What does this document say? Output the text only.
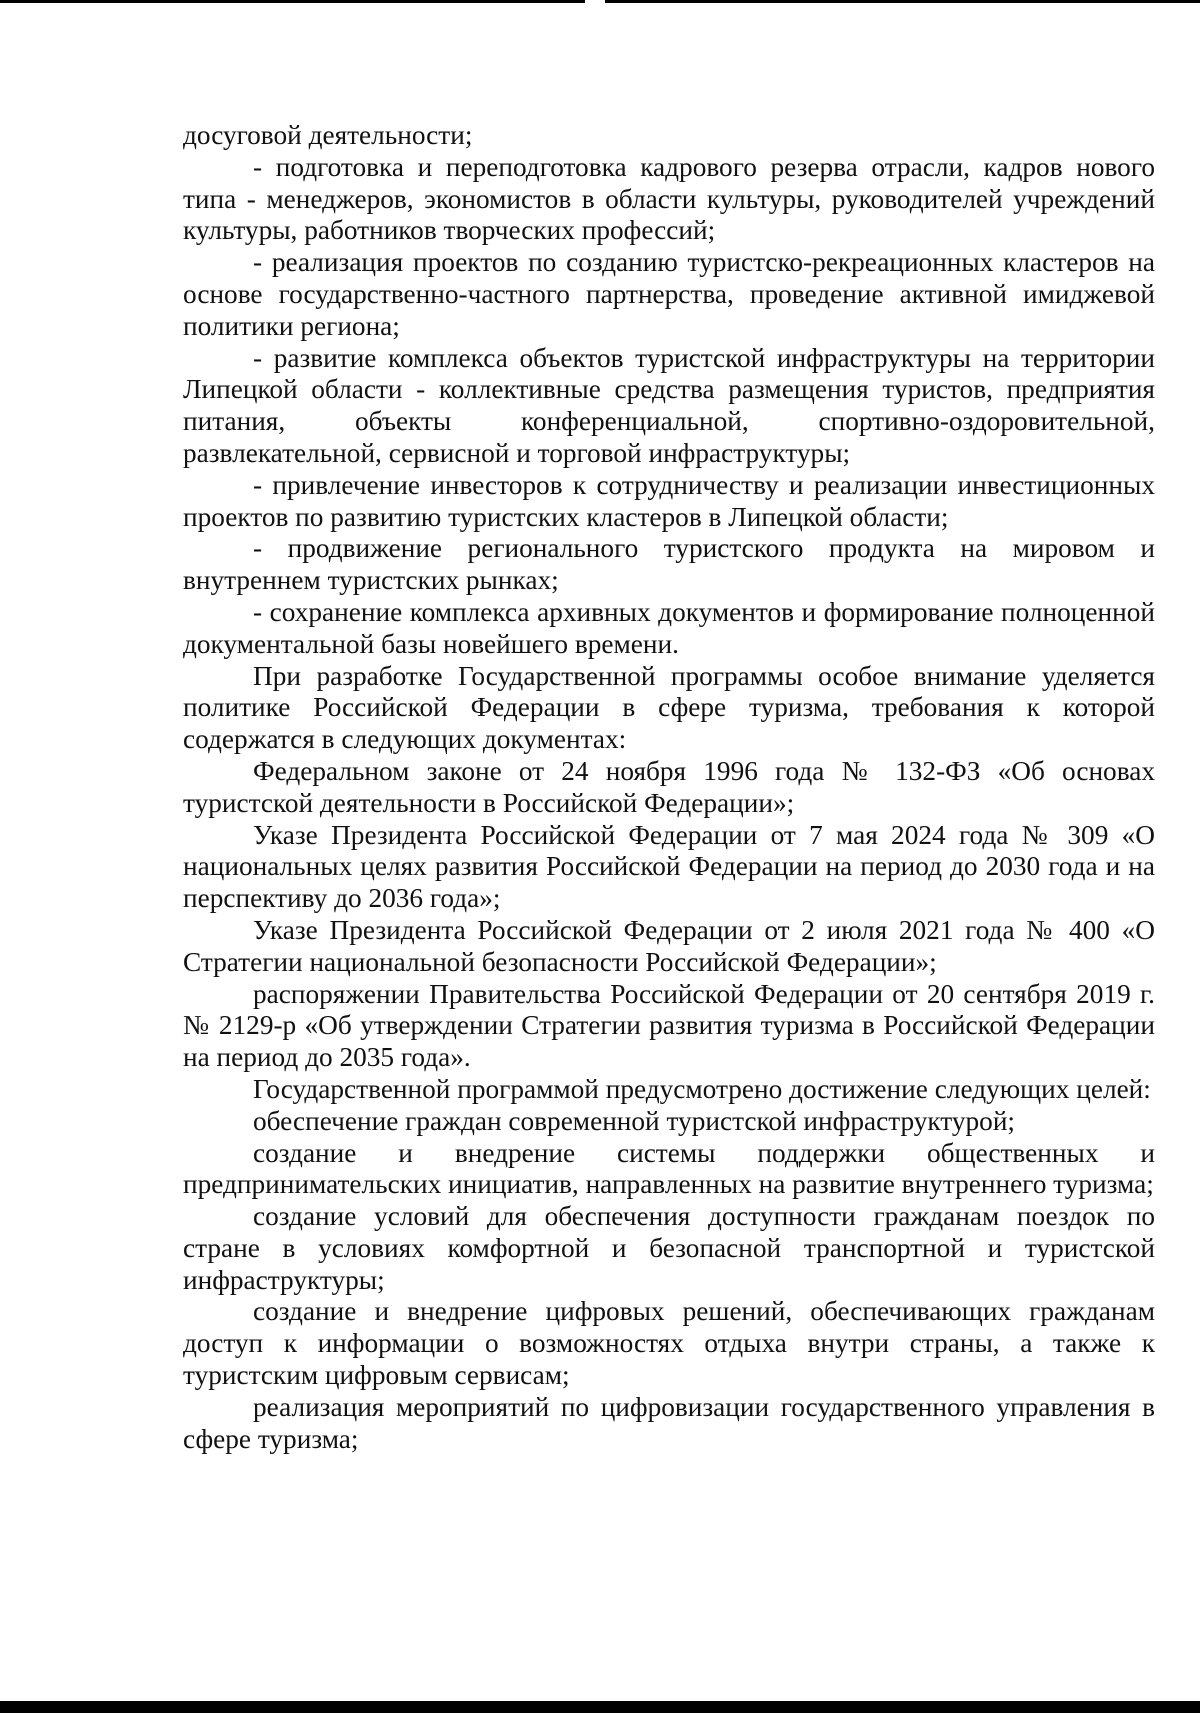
досуговой деятельности;

- подготовка и переподготовка кадрового резерва отрасли, кадров нового типа - менеджеров, экономистов в области культуры, руководителей учреждений культуры, работников творческих профессий;

- реализация проектов по созданию туристско-рекреационных кластеров на основе государственно-частного партнерства, проведение активной имиджевой политики региона;

- развитие комплекса объектов туристской инфраструктуры на территории Липецкой области - коллективные средства размещения туристов, предприятия питания, объекты конференциальной, спортивно-оздоровительной, развлекательной, сервисной и торговой инфраструктуры;

- привлечение инвесторов к сотрудничеству и реализации инвестиционных проектов по развитию туристских кластеров в Липецкой области;

- продвижение регионального туристского продукта на мировом и внутреннем туристских рынках;

- сохранение комплекса архивных документов и формирование полноценной документальной базы новейшего времени.

При разработке Государственной программы особое внимание уделяется политике Российской Федерации в сфере туризма, требования к которой содержатся в следующих документах:

Федеральном законе от 24 ноября 1996 года № 132-ФЗ «Об основах туристской деятельности в Российской Федерации»;

Указе Президента Российской Федерации от 7 мая 2024 года № 309 «О национальных целях развития Российской Федерации на период до 2030 года и на перспективу до 2036 года»;

Указе Президента Российской Федерации от 2 июля 2021 года № 400 «О Стратегии национальной безопасности Российской Федерации»;

распоряжении Правительства Российской Федерации от 20 сентября 2019 г. № 2129-р «Об утверждении Стратегии развития туризма в Российской Федерации на период до 2035 года».

Государственной программой предусмотрено достижение следующих целей:

обеспечение граждан современной туристской инфраструктурой;

создание и внедрение системы поддержки общественных и предпринимательских инициатив, направленных на развитие внутреннего туризма;

создание условий для обеспечения доступности гражданам поездок по стране в условиях комфортной и безопасной транспортной и туристской инфраструктуры;

создание и внедрение цифровых решений, обеспечивающих гражданам доступ к информации о возможностях отдыха внутри страны, а также к туристским цифровым сервисам;

реализация мероприятий по цифровизации государственного управления в сфере туризма;
